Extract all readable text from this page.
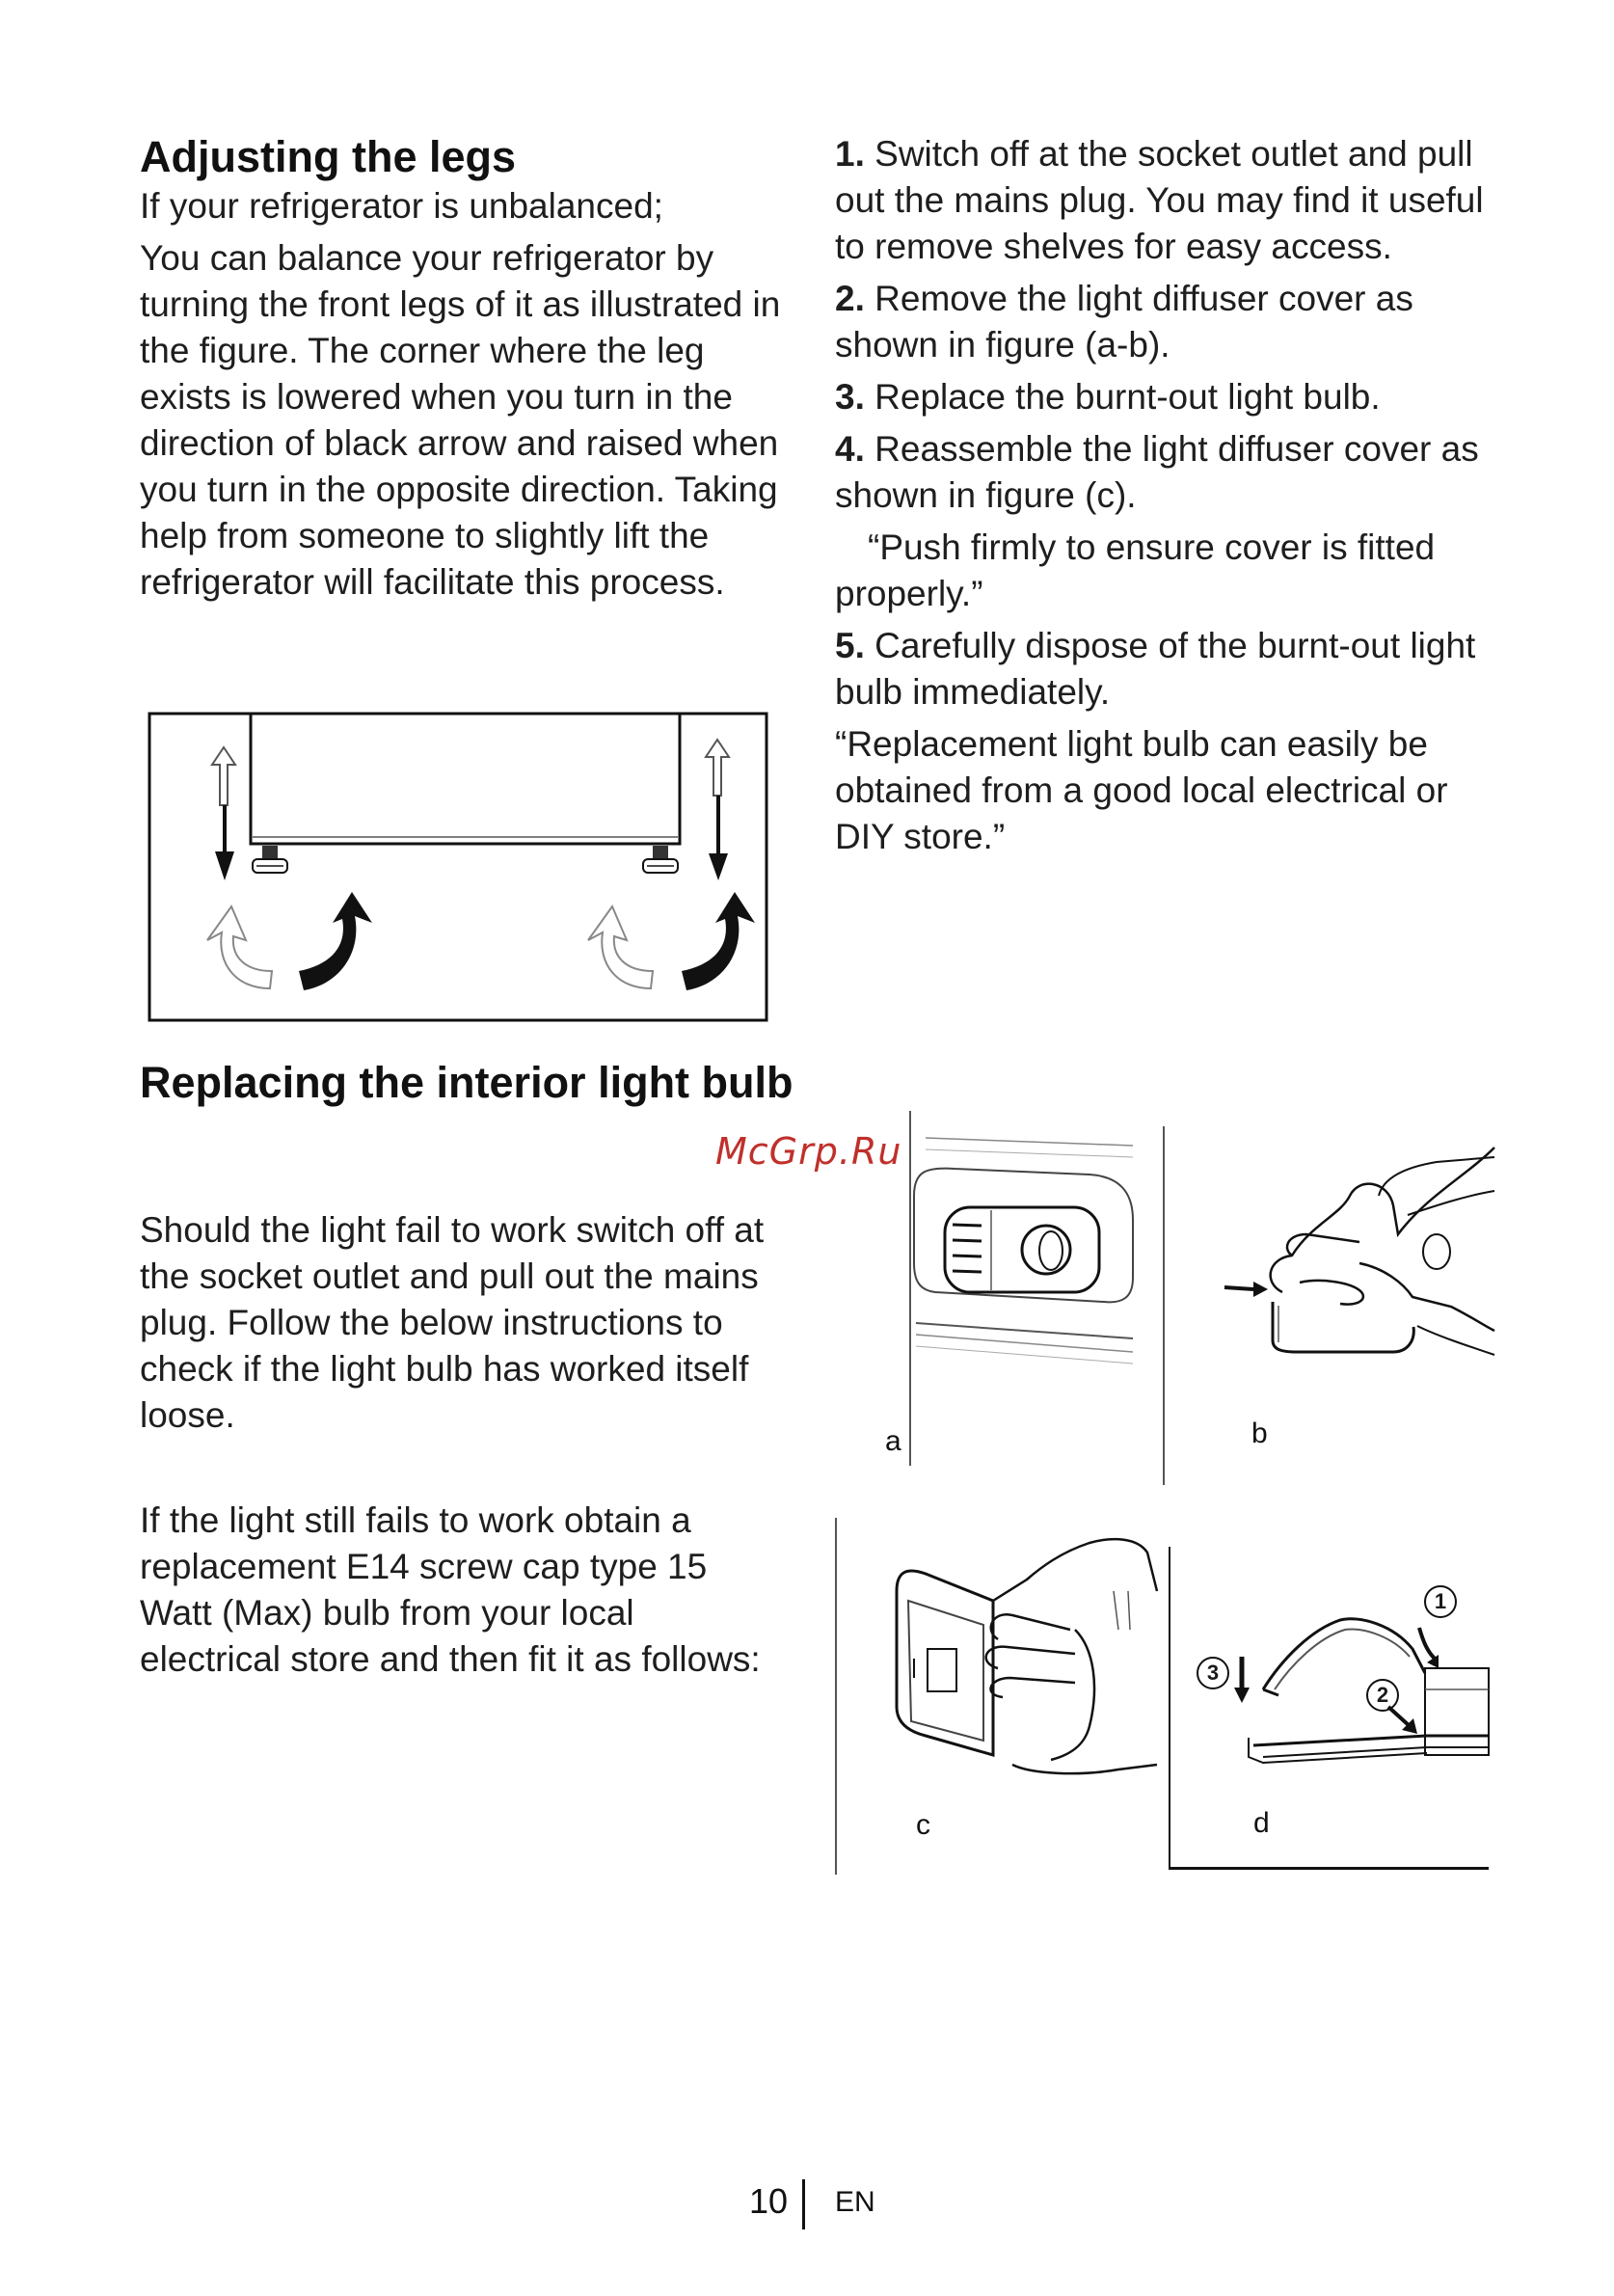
Adjusting the legs
If your refrigerator is unbalanced;
You can balance your refrigerator by turning the front legs of it as illustrated in the figure. The corner where the leg exists is lowered when you turn in the direction of black arrow and raised when you turn in the opposite direction. Taking help from someone to slightly lift the refrigerator will facilitate this process.
Replacing the interior light bulb
Should the light fail to work switch off at the socket outlet and pull out the mains plug. Follow the below instructions to check if the light bulb has worked itself loose.
If the light still fails to work obtain a replacement E14 screw cap type 15 Watt (Max) bulb from your local electrical store and then fit it as follows:

1. Switch off at the socket outlet and pull out the mains plug. You may find it useful to remove shelves for easy access.

2. Remove the light diffuser cover as shown in figure (a-b).

3. Replace the burnt-out light bulb.

4. Reassemble the light diffuser cover as shown in figure (c).

“Push firmly to ensure cover is fitted properly.”

5. Carefully dispose of the burnt-out light bulb immediately.

“Replacement light bulb can easily be obtained from a good local electrical or DIY store.”

McGrp.Ru
a	b
c
1
2
3
d
10 EN
